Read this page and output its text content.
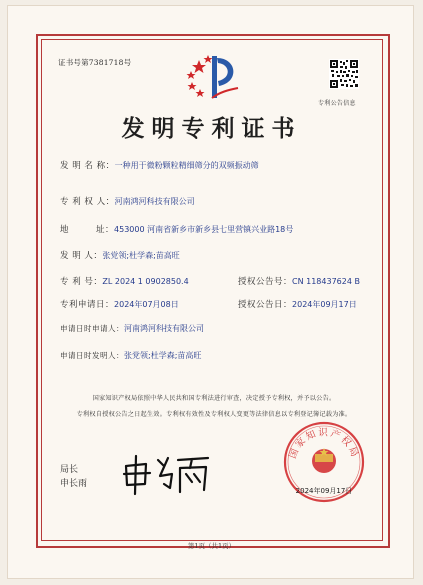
证书号第7381718号
专利公告信息
发明专利证书
发 明 名 称：一种用于微粉颗粒精细筛分的双频振动筛
专 利 权 人：河南鸿河科技有限公司
地　　　址：453000 河南省新乡市新乡县七里营镇兴业路18号
发 明 人：张党领;杜学森;苗高旺
专 利 号：ZL 2024 1 0902850.4	授权公告号：CN 118437624 B
专利申请日：2024年07月08日	授权公告日：2024年09月17日
申请日时申请人：河南鸿河科技有限公司
申请日时发明人：张党领;杜学森;苗高旺
国家知识产权局依照中华人民共和国专利法进行审查，决定授予专利权，并予以公告。
专利权自授权公告之日起生效。专利权有效性及专利权人变更等法律信息以专利登记簿记载为准。
局长
申长雨
国家知识产权局
2024年09月17日
第1页（共1页）
